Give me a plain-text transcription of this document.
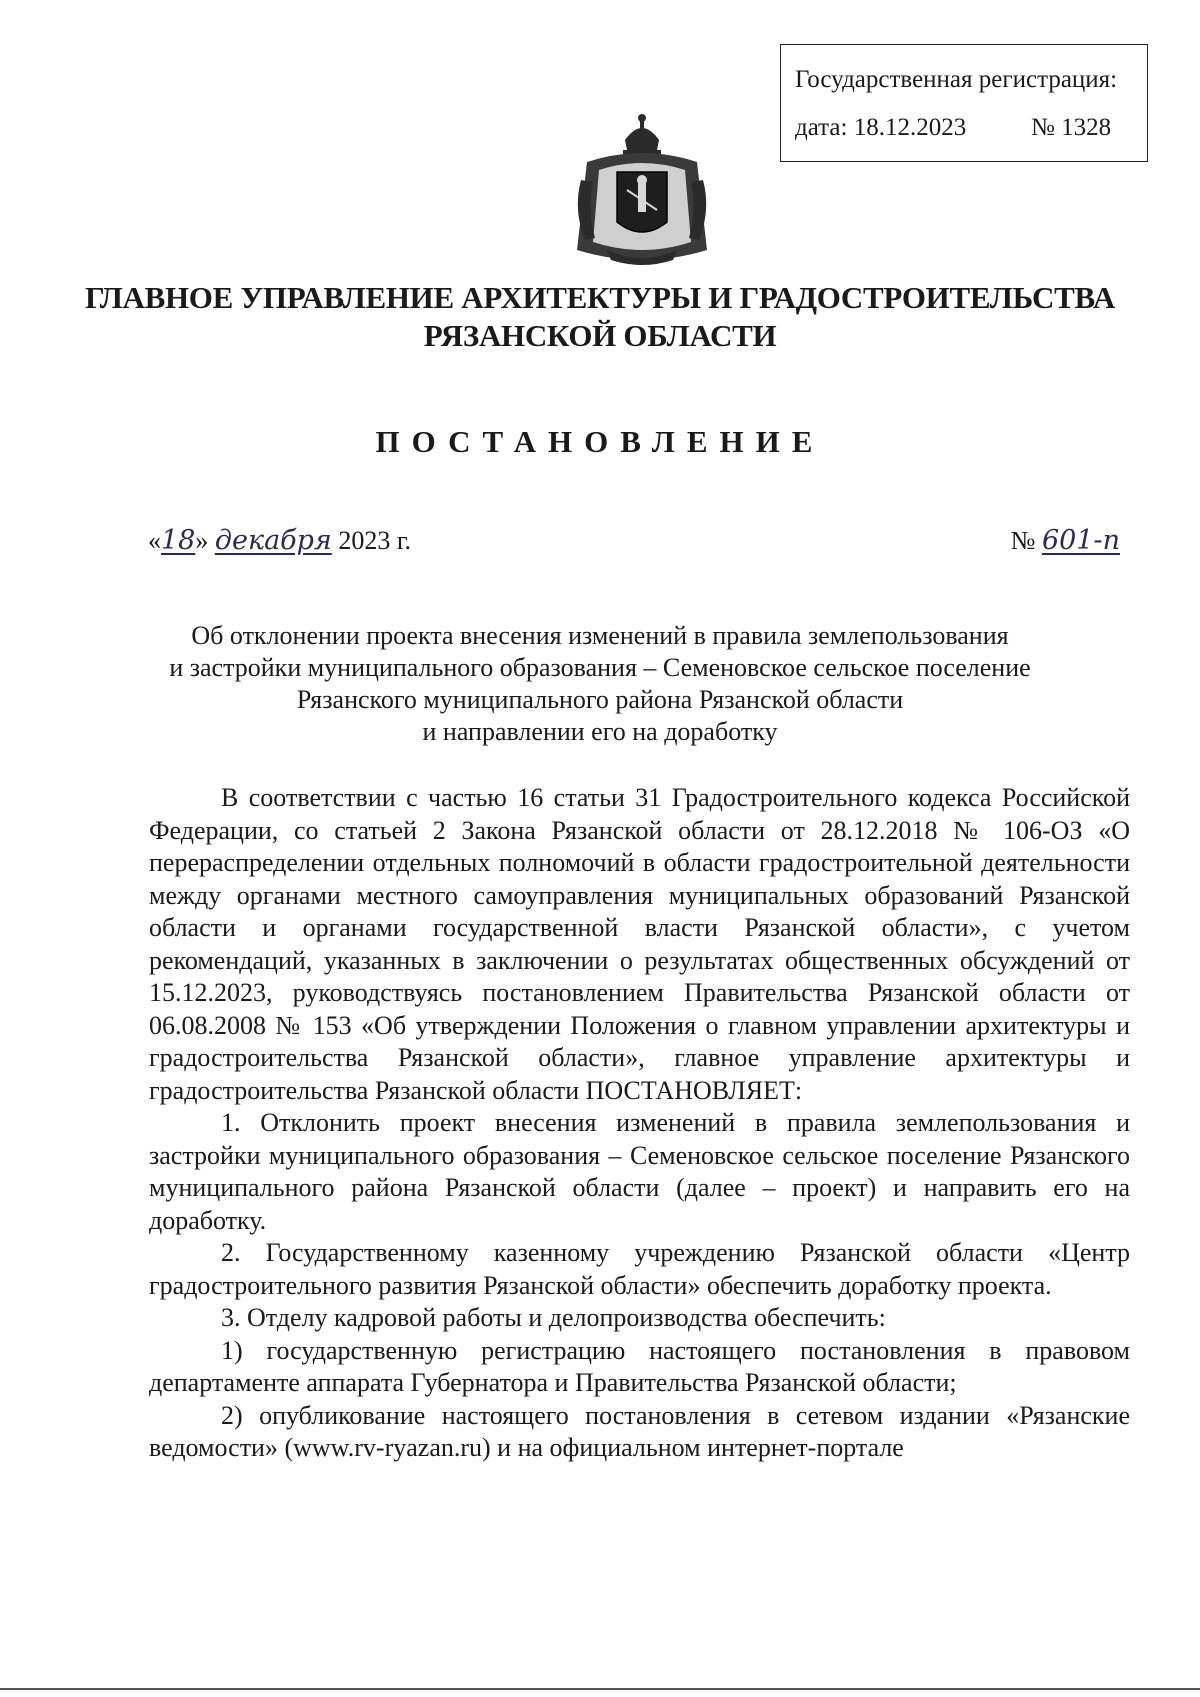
Государственная регистрация:
дата: 18.12.2023	№ 1328
ГЛАВНОЕ УПРАВЛЕНИЕ АРХИТЕКТУРЫ И ГРАДОСТРОИТЕЛЬСТВА
РЯЗАНСКОЙ ОБЛАСТИ
ПОСТАНОВЛЕНИЕ
«18» декабря 2023 г.	№ 601-п
Об отклонении проекта внесения изменений в правила землепользования
и застройки муниципального образования – Семеновское сельское поселение
Рязанского муниципального района Рязанской области
и направлении его на доработку

В соответствии с частью 16 статьи 31 Градостроительного кодекса Российской Федерации, со статьей 2 Закона Рязанской области от 28.12.2018 № 106-ОЗ «О перераспределении отдельных полномочий в области градостроительной деятельности между органами местного самоуправления муниципальных образований Рязанской области и органами государственной власти Рязанской области», с учетом рекомендаций, указанных в заключении о результатах общественных обсуждений от 15.12.2023, руководствуясь постановлением Правительства Рязанской области от 06.08.2008 № 153 «Об утверждении Положения о главном управлении архитектуры и градостроительства Рязанской области», главное управление архитектуры и градостроительства Рязанской области ПОСТАНОВЛЯЕТ:

1. Отклонить проект внесения изменений в правила землепользования и застройки муниципального образования – Семеновское сельское поселение Рязанского муниципального района Рязанской области (далее – проект) и направить его на доработку.

2. Государственному казенному учреждению Рязанской области «Центр градостроительного развития Рязанской области» обеспечить доработку проекта.

3. Отделу кадровой работы и делопроизводства обеспечить:

1) государственную регистрацию настоящего постановления в правовом департаменте аппарата Губернатора и Правительства Рязанской области;

2) опубликование настоящего постановления в сетевом издании «Рязанские ведомости» (www.rv-ryazan.ru) и на официальном интернет-портале
